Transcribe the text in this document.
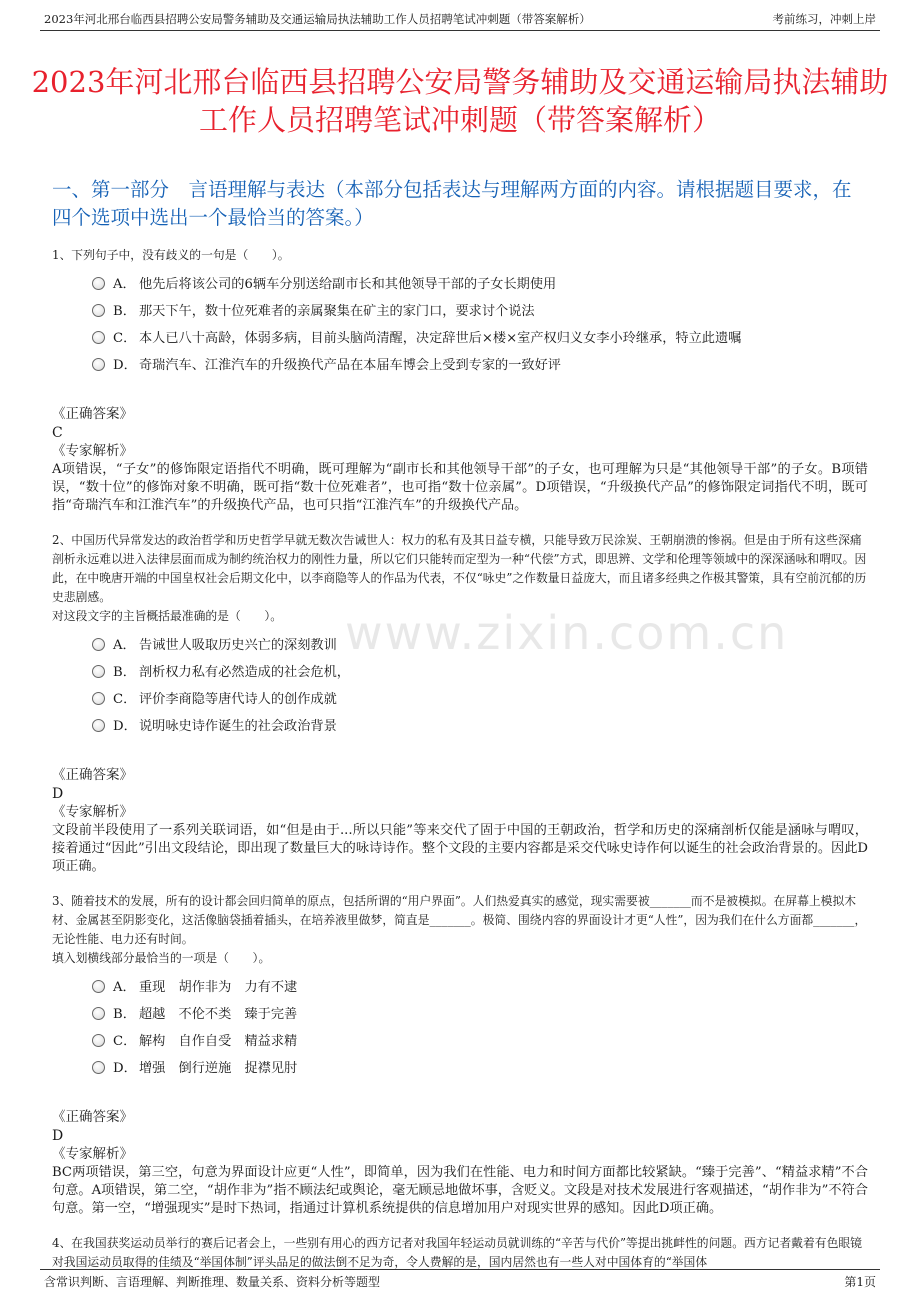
2023年河北邢台临西县招聘公安局警务辅助及交通运输局执法辅助工作人员招聘笔试冲刺题（带答案解析）	考前练习，冲刺上岸
2023年河北邢台临西县招聘公安局警务辅助及交通运输局执法辅助工作人员招聘笔试冲刺题（带答案解析）
一、第一部分　言语理解与表达（本部分包括表达与理解两方面的内容。请根据题目要求，在四个选项中选出一个最恰当的答案。）
www.zixin.com.cn

1、下列句子中，没有歧义的一句是（　　）。

A． 他先后将该公司的6辆车分别送给副市长和其他领导干部的子女长期使用
B． 那天下午，数十位死难者的亲属聚集在矿主的家门口，要求讨个说法
C． 本人已八十高龄，体弱多病，目前头脑尚清醒，决定辞世后×楼×室产权归义女李小玲继承，特立此遗嘱
D． 奇瑞汽车、江淮汽车的升级换代产品在本届车博会上受到专家的一致好评

《正确答案》

C

《专家解析》

A项错误，“子女”的修饰限定语指代不明确，既可理解为“副市长和其他领导干部”的子女，也可理解为只是“其他领导干部”的子女。B项错误，“数十位”的修饰对象不明确，既可指“数十位死难者”，也可指“数十位亲属”。D项错误，“升级换代产品”的修饰限定词指代不明，既可指“奇瑞汽车和江淮汽车”的升级换代产品，也可只指“江淮汽车”的升级换代产品。

2、中国历代异常发达的政治哲学和历史哲学早就无数次告诫世人：权力的私有及其日益专横，只能导致万民涂炭、王朝崩溃的惨祸。但是由于所有这些深痛剖析永远难以进入法律层面而成为制约统治权力的刚性力量，所以它们只能转而定型为一种“代偿”方式，即思辨、文学和伦理等领域中的深深涵咏和喟叹。因此，在中晚唐开端的中国皇权社会后期文化中，以李商隐等人的作品为代表，不仅“咏史”之作数量日益庞大，而且诸多经典之作极其警策，具有空前沉郁的历史悲剧感。

对这段文字的主旨概括最准确的是（　　）。

A． 告诫世人吸取历史兴亡的深刻教训
B． 剖析权力私有必然造成的社会危机，
C． 评价李商隐等唐代诗人的创作成就
D． 说明咏史诗作诞生的社会政治背景

《正确答案》

D

《专家解析》

文段前半段使用了一系列关联词语，如“但是由于...所以只能”等来交代了固于中国的王朝政治，哲学和历史的深痛剖析仅能是涵咏与喟叹，接着通过“因此”引出文段结论，即出现了数量巨大的咏诗诗作。整个文段的主要内容都是采交代咏史诗作何以诞生的社会政治背景的。因此D项正确。

3、随着技术的发展，所有的设计都会回归简单的原点，包括所谓的“用户界面”。人们热爱真实的感觉，现实需要被_______而不是被模拟。在屏幕上模拟木材、金属甚至阴影变化，这活像脑袋插着插头，在培养液里做梦，简直是_______。极简、围绕内容的界面设计才更“人性”，因为我们在什么方面都_______，无论性能、电力还有时间。

填入划横线部分最恰当的一项是（　　）。

A． 重现　胡作非为　力有不逮
B． 超越　不伦不类　臻于完善
C． 解构　自作自受　精益求精
D． 增强　倒行逆施　捉襟见肘

《正确答案》

D

《专家解析》

BC两项错误，第三空，句意为界面设计应更“人性”，即简单，因为我们在性能、电力和时间方面都比较紧缺。“臻于完善”、“精益求精”不合句意。A项错误，第二空，“胡作非为”指不顾法纪或舆论，毫无顾忌地做坏事，含贬义。文段是对技术发展进行客观描述，“胡作非为”不符合句意。第一空，“增强现实”是时下热词，指通过计算机系统提供的信息增加用户对现实世界的感知。因此D项正确。

4、在我国获奖运动员举行的赛后记者会上，一些别有用心的西方记者对我国年轻运动员就训练的“辛苦与代价”等提出挑衅性的问题。西方记者戴着有色眼镜对我国运动员取得的佳绩及“举国体制”评头品足的做法倒不足为奇，令人费解的是，国内居然也有一些人对中国体育的“举国体

含常识判断、言语理解、判断推理、数量关系、资料分析等题型	第1页
